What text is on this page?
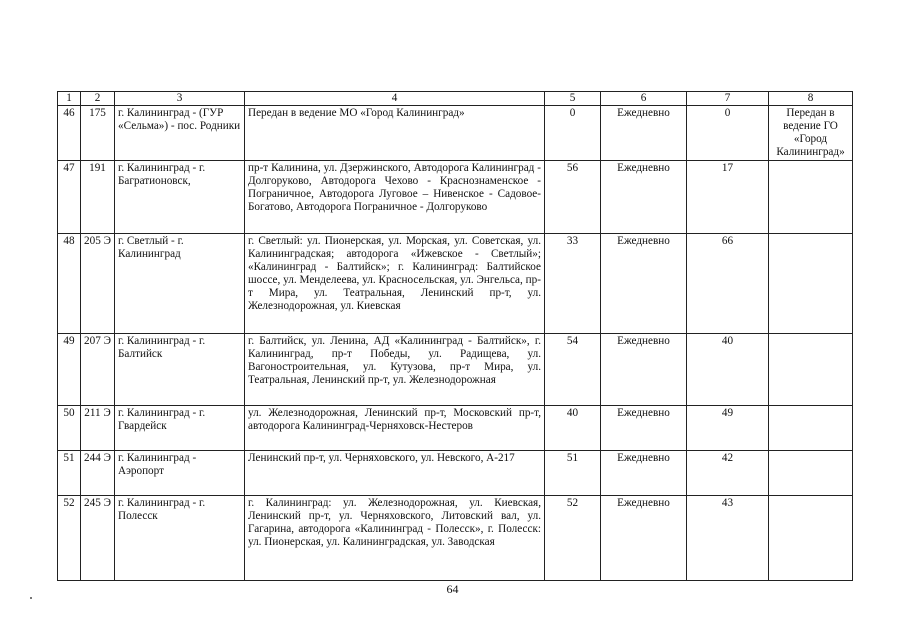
1	2	3	4	5	6	7	8
46	175	г. Калининград - (ГУР «Сельма») - пос. Родники	Передан в ведение МО «Город Калининград»	0	Ежедневно	0	Передан в ведение ГО «Город Калининград»
47	191	г. Калининград - г. Багратионовск,	пр-т Калинина, ул. Дзержинского, Автодорога Калининград - Долгоруково, Автодорога Чехово - Краснознаменское - Пограничное, Автодорога Луговое – Нивенское - Садовое-Богатово, Автодорога Пограничное - Долгоруково	56	Ежедневно	17	
48	205 Э	г. Светлый - г. Калининград	г. Светлый: ул. Пионерская, ул. Морская, ул. Советская, ул. Калининградская; автодорога «Ижевское - Светлый»; «Калининград - Балтийск»; г. Калининград: Балтийское шоссе, ул. Менделеева, ул. Красносельская, ул. Энгельса, пр-т Мира, ул. Театральная, Ленинский пр-т, ул. Железнодорожная, ул. Киевская	33	Ежедневно	66	
49	207 Э	г. Калининград - г. Балтийск	г. Балтийск, ул. Ленина, АД «Калининград - Балтийск», г. Калининград, пр-т Победы, ул. Радищева, ул. Вагоностроительная, ул. Кутузова, пр-т Мира, ул. Театральная, Ленинский пр-т, ул. Железнодорожная	54	Ежедневно	40	
50	211 Э	г. Калининград - г. Гвардейск	ул. Железнодорожная, Ленинский пр-т, Московский пр-т, автодорога Калининград-Черняховск-Нестеров	40	Ежедневно	49	
51	244 Э	г. Калининград - Аэропорт	Ленинский пр-т, ул. Черняховского, ул. Невского, А-217	51	Ежедневно	42	
52	245 Э	г. Калининград - г. Полесск	г. Калининград: ул. Железнодорожная, ул. Киевская, Ленинский пр-т, ул. Черняховского, Литовский вал, ул. Гагарина, автодорога «Калининград - Полесск», г. Полесск: ул. Пионерская, ул. Калининградская, ул. Заводская	52	Ежедневно	43	
64
